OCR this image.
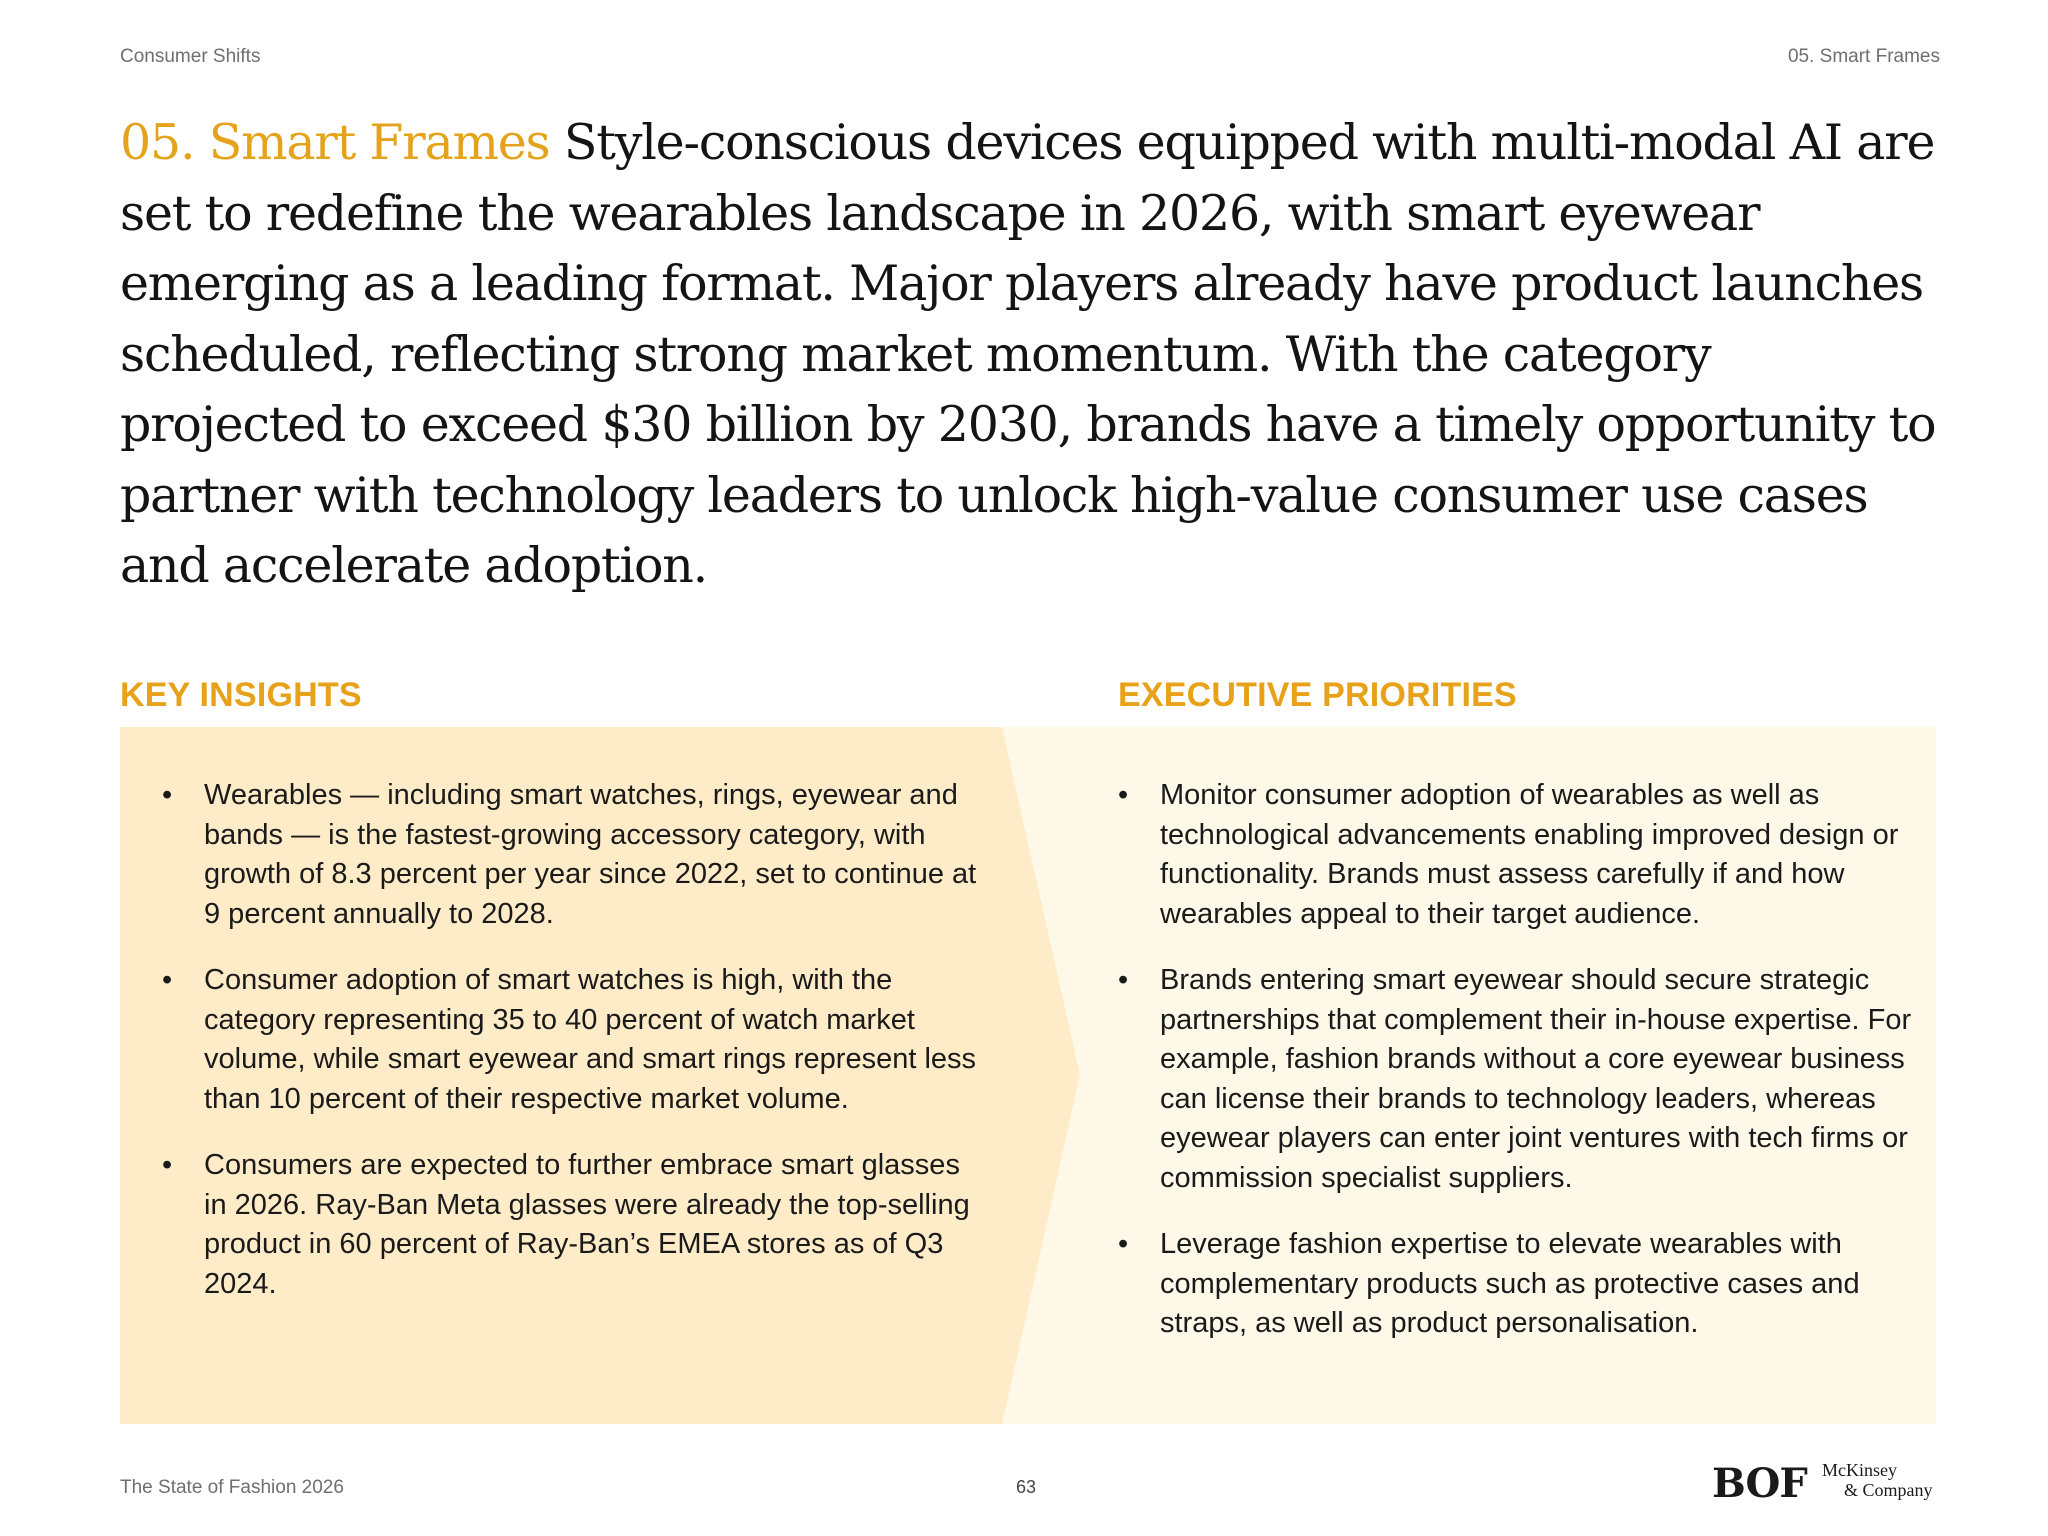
Consumer Shifts	05. Smart Frames

05. Smart Frames Style-conscious devices equipped with multi-modal AI are set to redefine the wearables landscape in 2026, with smart eyewear emerging as a leading format. Major players already have product launches scheduled, reflecting strong market momentum. With the category projected to exceed $30 billion by 2030, brands have a timely opportunity to partner with technology leaders to unlock high-value consumer use cases and accelerate adoption.

KEY INSIGHTS	EXECUTIVE PRIORITIES
• Wearables — including smart watches, rings, eyewear and bands — is the fastest-growing accessory category, with growth of 8.3 percent per year since 2022, set to continue at 9 percent annually to 2028.
• Consumer adoption of smart watches is high, with the category representing 35 to 40 percent of watch market volume, while smart eyewear and smart rings represent less than 10 percent of their respective market volume.
• Consumers are expected to further embrace smart glasses in 2026. Ray-Ban Meta glasses were already the top-selling product in 60 percent of Ray-Ban’s EMEA stores as of Q3 2024.
• Monitor consumer adoption of wearables as well as technological advancements enabling improved design or functionality. Brands must assess carefully if and how wearables appeal to their target audience.
• Brands entering smart eyewear should secure strategic partnerships that complement their in-house expertise. For example, fashion brands without a core eyewear business can license their brands to technology leaders, whereas eyewear players can enter joint ventures with tech firms or commission specialist suppliers.
• Leverage fashion expertise to elevate wearables with complementary products such as protective cases and straps, as well as product personalisation.
The State of Fashion 2026	63	BOF McKinsey
& Company
